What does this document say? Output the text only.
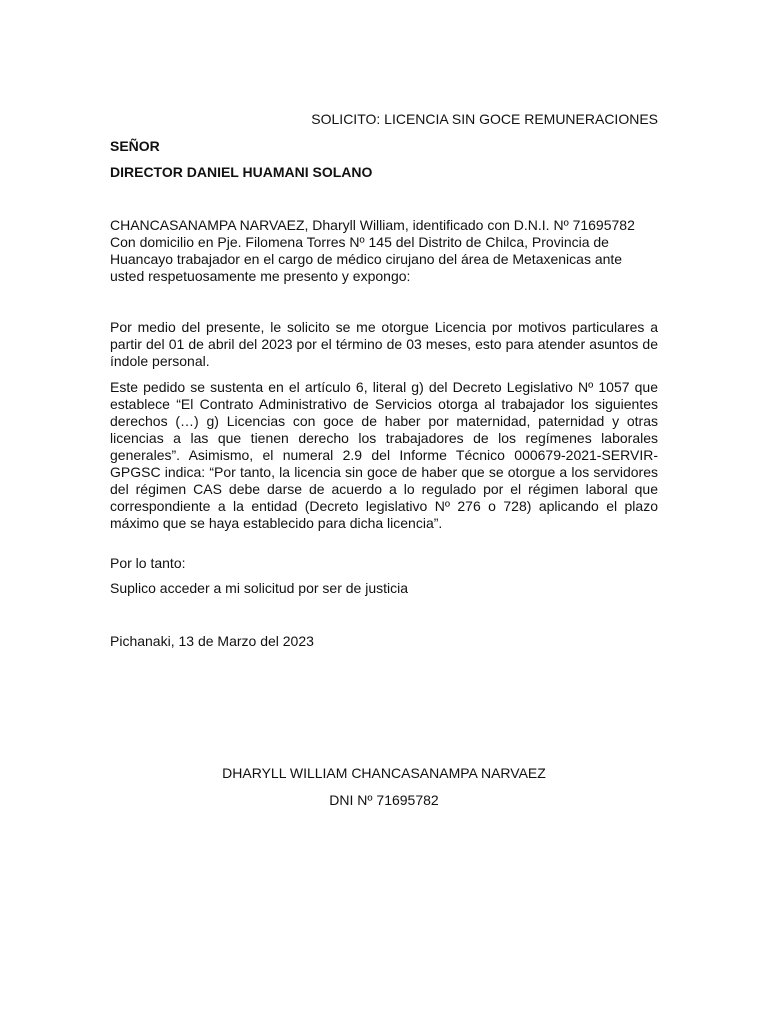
SOLICITO: LICENCIA SIN GOCE REMUNERACIONES

SEÑOR

DIRECTOR DANIEL HUAMANI SOLANO

CHANCASANAMPA NARVAEZ, Dharyll William, identificado con D.N.I. Nº 71695782 Con domicilio en Pje. Filomena Torres Nº 145 del Distrito de Chilca, Provincia de Huancayo trabajador en el cargo de médico cirujano del área de Metaxenicas ante usted respetuosamente me presento y expongo:

Por medio del presente, le solicito se me otorgue Licencia por motivos particulares a partir del 01 de abril del 2023 por el término de 03 meses, esto para atender asuntos de índole personal.

Este pedido se sustenta en el artículo 6, literal g) del Decreto Legislativo Nº 1057 que establece “El Contrato Administrativo de Servicios otorga al trabajador los siguientes derechos (…) g) Licencias con goce de haber por maternidad, paternidad y otras licencias a las que tienen derecho los trabajadores de los regímenes laborales generales”. Asimismo, el numeral 2.9 del Informe Técnico 000679-2021-SERVIR-GPGSC indica: “Por tanto, la licencia sin goce de haber que se otorgue a los servidores del régimen CAS debe darse de acuerdo a lo regulado por el régimen laboral que correspondiente a la entidad (Decreto legislativo Nº 276 o 728) aplicando el plazo máximo que se haya establecido para dicha licencia”.

Por lo tanto:

Suplico acceder a mi solicitud por ser de justicia

Pichanaki, 13 de Marzo del 2023

DHARYLL WILLIAM CHANCASANAMPA NARVAEZ

DNI Nº 71695782
